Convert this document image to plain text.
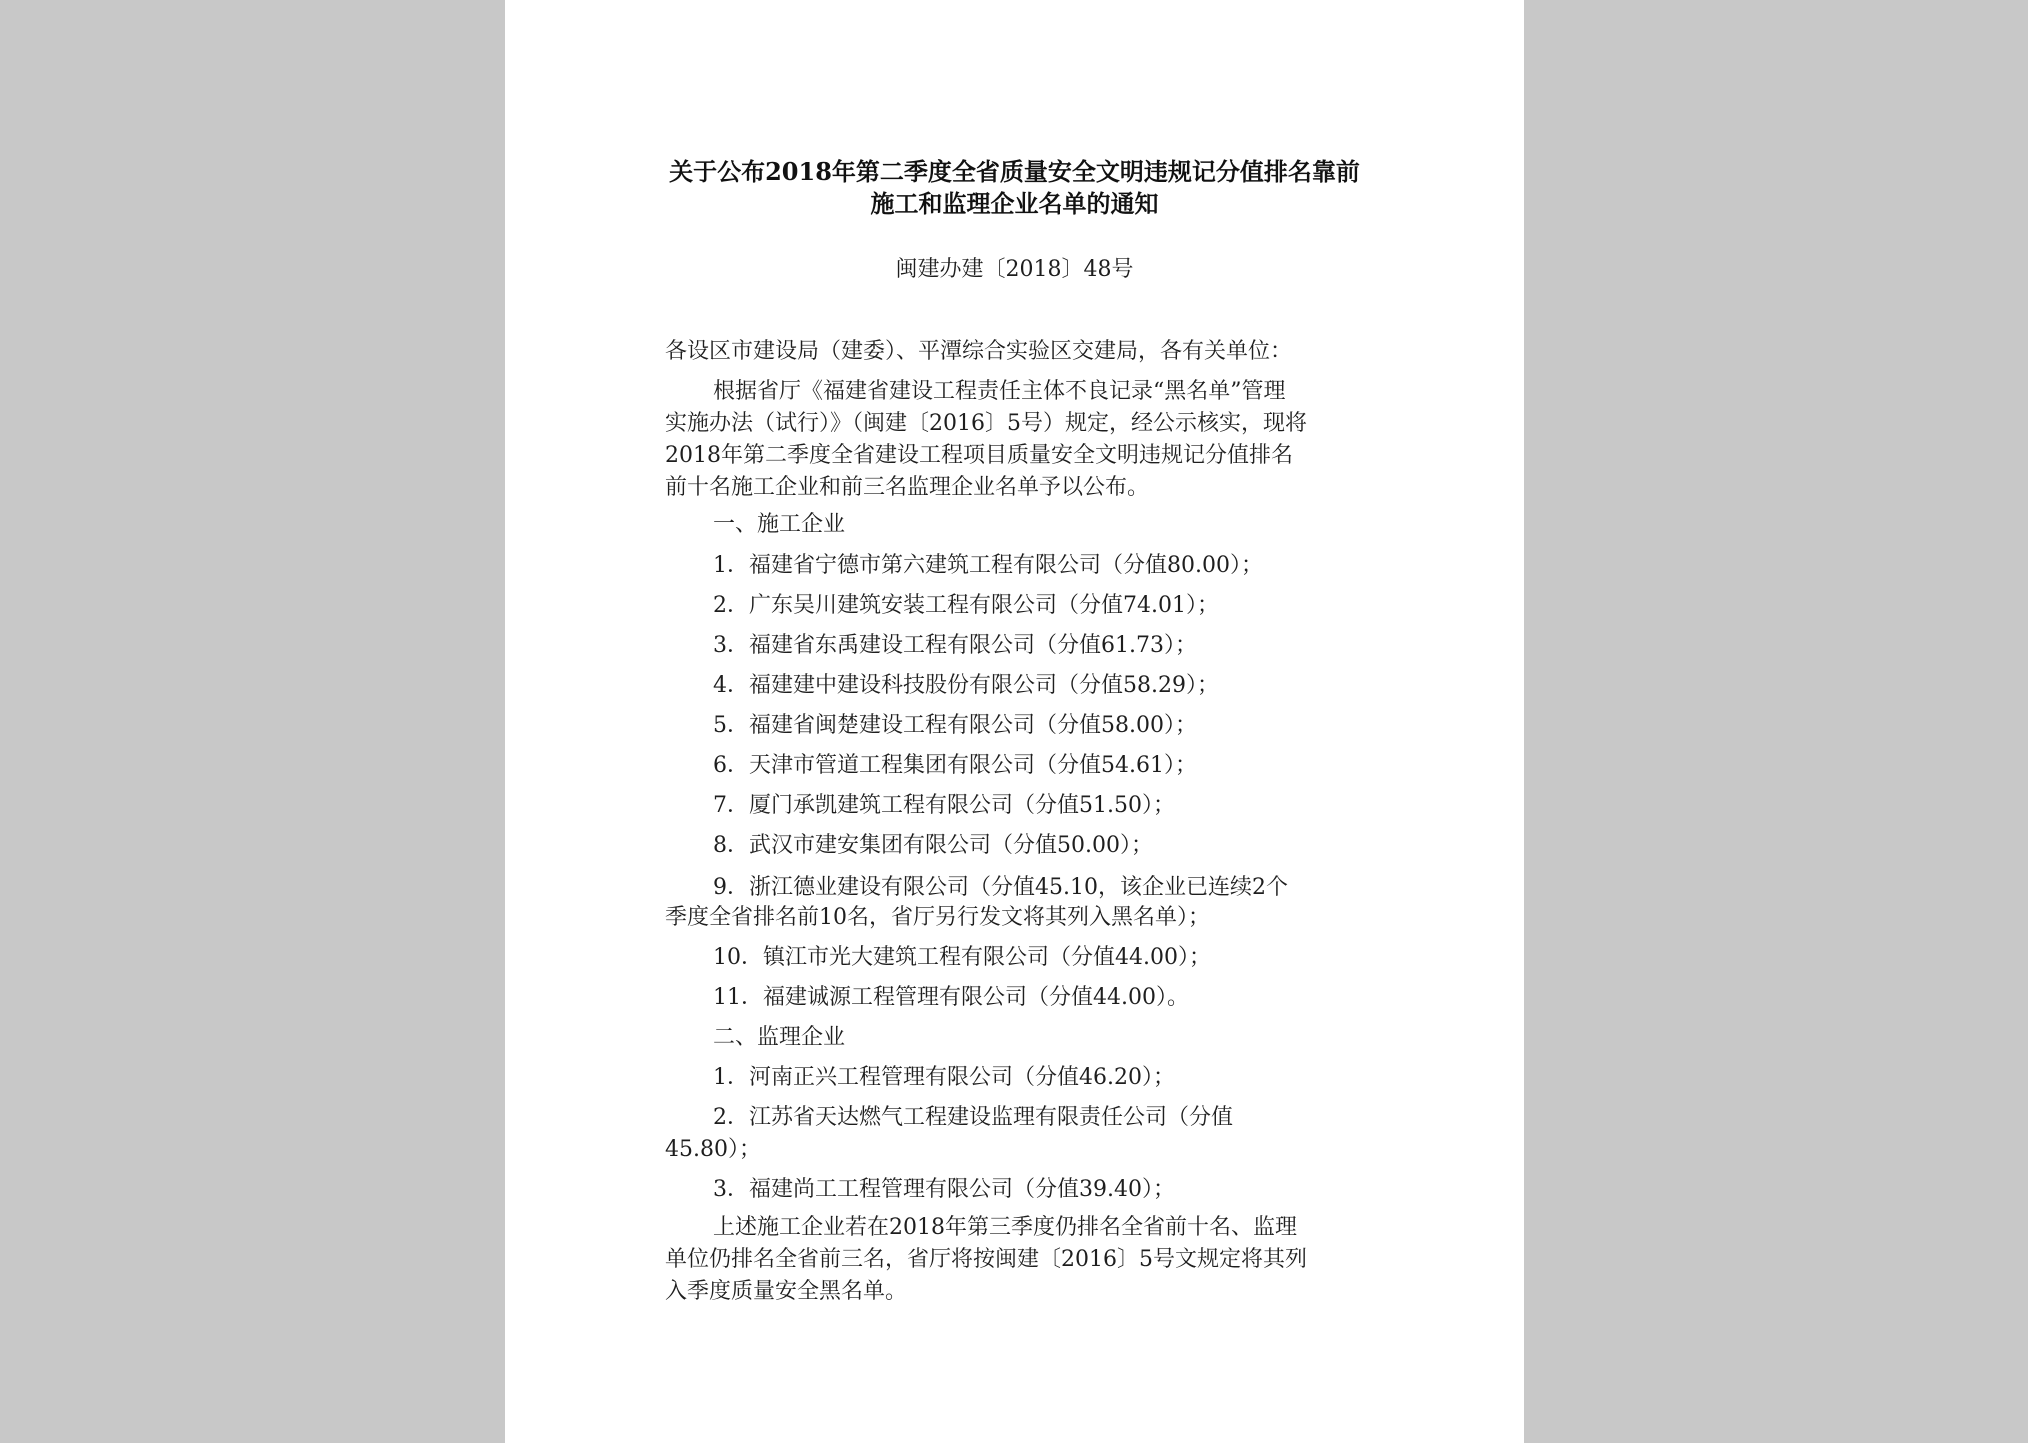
关于公布2018年第二季度全省质量安全文明违规记分值排名靠前
施工和监理企业名单的通知
闽建办建〔2018〕48号
各设区市建设局（建委）、平潭综合实验区交建局，各有关单位：
根据省厅《福建省建设工程责任主体不良记录“黑名单”管理
实施办法（试行）》（闽建〔2016〕5号）规定，经公示核实，现将
2018年第二季度全省建设工程项目质量安全文明违规记分值排名
前十名施工企业和前三名监理企业名单予以公布。
一、施工企业
1．福建省宁德市第六建筑工程有限公司（分值80.00）；
2．广东吴川建筑安装工程有限公司（分值74.01）；
3．福建省东禹建设工程有限公司（分值61.73）；
4．福建建中建设科技股份有限公司（分值58.29）；
5．福建省闽楚建设工程有限公司（分值58.00）；
6．天津市管道工程集团有限公司（分值54.61）；
7．厦门承凯建筑工程有限公司（分值51.50）；
8．武汉市建安集团有限公司（分值50.00）；
9．浙江德业建设有限公司（分值45.10，该企业已连续2个
季度全省排名前10名，省厅另行发文将其列入黑名单）；
10．镇江市光大建筑工程有限公司（分值44.00）；
11．福建诚源工程管理有限公司（分值44.00）。
二、监理企业
1．河南正兴工程管理有限公司（分值46.20）；
2．江苏省天达燃气工程建设监理有限责任公司（分值
45.80）；
3．福建尚工工程管理有限公司（分值39.40）；
上述施工企业若在2018年第三季度仍排名全省前十名、监理
单位仍排名全省前三名，省厅将按闽建〔2016〕5号文规定将其列
入季度质量安全黑名单。
